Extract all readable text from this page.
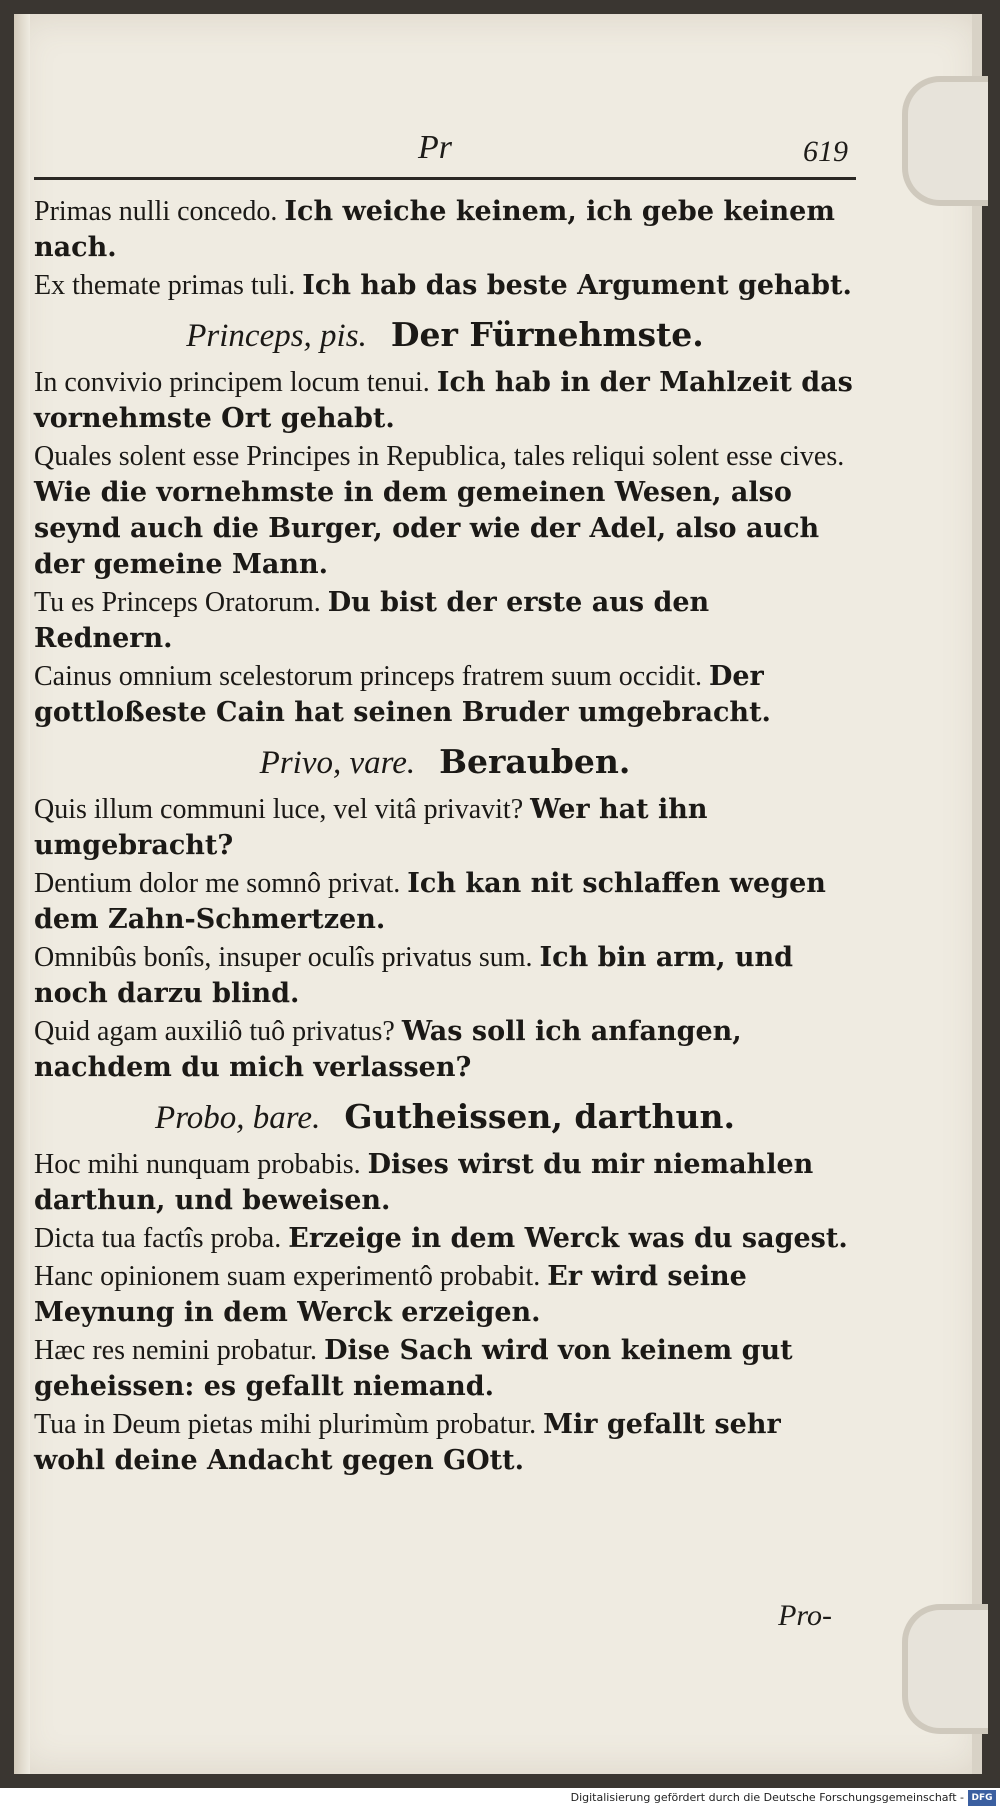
Pr	619

Primas nulli concedo. Ich weiche keinem, ich gebe keinem nach.

Ex themate primas tuli. Ich hab das beste Argument gehabt.

Princeps, pis. Der Fürnehmste.

In convivio principem locum tenui. Ich hab in der Mahlzeit das vornehmste Ort gehabt.

Quales solent esse Principes in Republica, tales reliqui solent esse cives. Wie die vornehmste in dem gemeinen Wesen, also seynd auch die Burger, oder wie der Adel, also auch der gemeine Mann.

Tu es Princeps Oratorum. Du bist der erste aus den Rednern.

Cainus omnium scelestorum princeps fratrem suum occidit. Der gottloßeste Cain hat seinen Bruder umgebracht.

Privo, vare. Berauben.

Quis illum communi luce, vel vitâ privavit? Wer hat ihn umgebracht?

Dentium dolor me somnô privat. Ich kan nit schlaffen wegen dem Zahn-Schmertzen.

Omnibûs bonîs, insuper oculîs privatus sum. Ich bin arm, und noch darzu blind.

Quid agam auxiliô tuô privatus? Was soll ich anfangen, nachdem du mich verlassen?

Probo, bare. Gutheissen, darthun.

Hoc mihi nunquam probabis. Dises wirst du mir niemahlen darthun, und beweisen.

Dicta tua factîs proba. Erzeige in dem Werck was du sagest.

Hanc opinionem suam experimentô probabit. Er wird seine Meynung in dem Werck erzeigen.

Hæc res nemini probatur. Dise Sach wird von keinem gut geheissen: es gefallt niemand.

Tua in Deum pietas mihi plurimùm probatur. Mir gefallt sehr wohl deine Andacht gegen GOtt.

Pro-
Digitalisierung gefördert durch die Deutsche Forschungsgemeinschaft - DFG
